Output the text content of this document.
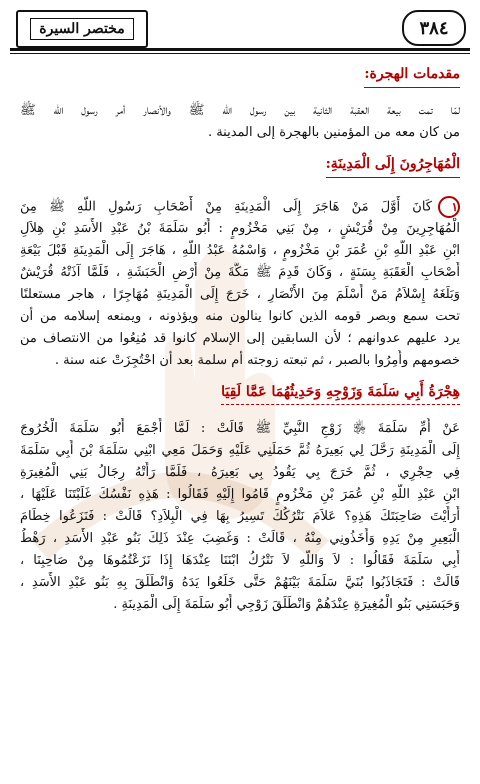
مختصر السيرة	٣٨٤
مقدمات الهجرة:
لمّا تمت بيعة العقبة الثانية بين رسول الله ﷺ والأنصار أمر رسول الله ﷺ
من كان معه من المؤمنين بالهجرة إلى المدينة .
الْمُهَاجِرُونَ إِلَى الْمَدِينَةِ:
١كَانَ أَوَّلَ مَنْ هَاجَرَ إِلَى الْمَدِينَةِ مِنْ أَصْحَابِ رَسُولِ اللَّهِ ﷺ مِنَ
الْمُهَاجِرِينَ مِنْ قُرَيْشٍ ، مِنْ بَنِي مَخْزُومٍ : أَبُو سَلَمَةَ بْنُ عَبْدِ الأَسَدِ بْنِ هِلاَلِ
ابْنِ عَبْدِ اللَّهِ بْنِ عُمَرَ بْنِ مَخْزُومٍ ، وَاسْمُهُ عَبْدُ اللَّهِ ، هَاجَرَ إِلَى الْمَدِينَةِ قَبْلَ بَيْعَةِ
أَصْحَابِ الْعَقَبَةِ بِسَنَةٍ ، وَكَانَ قَدِمَ ﷺ مَكَّةَ مِنْ أَرْضِ الْحَبَشَةِ ، فَلَمَّا آذَتْهُ قُرَيْشٌ
وَبَلَغَهُ إِسْلاَمُ مَنْ أَسْلَمَ مِنَ الأَنْصَارِ ، خَرَجَ إِلَى الْمَدِينَةِ مُهَاجِرًا ، هاجر مستعلنًا
تحت سمع وبصر قومه الذين كانوا ينالون منه ويؤذونه ، ويمنعه إسلامه من أن
يرد عليهم عدوانهم ؛ لأن السابقين إلى الإسلام كانوا قد مُنِعُوا من الانتصاف من
خصومهم وأُمِرُوا بالصبر ، ثم تبعته زوجته أم سلمة بعد أن احْتُجِزَتْ عنه سنة .
هِجْرَةُ أَبِي سَلَمَةَ وَزَوْجِهِ وَحَدِيثُهُمَا عَمَّا لَقِيَا
عَنْ أُمِّ سَلَمَةَ ﵂ زَوْجِ النَّبِيِّ ﷺ قَالَتْ : لَمَّا أَجْمَعَ أَبُو سَلَمَةَ الْخُرُوجَ
إِلَى الْمَدِينَةِ رَحَّلَ لِي بَعِيرَهُ ثُمَّ حَمَلَنِي عَلَيْهِ وَحَمَلَ مَعِي ابْنِي سَلَمَةَ بْنَ أَبِي سَلَمَةَ
فِي حِجْرِي ، ثُمَّ خَرَجَ بِي يَقُودُ بِي بَعِيرَهُ ، فَلَمَّا رَأَتْهُ رِجَالُ بَنِي الْمُغِيرَةِ
ابْنِ عَبْدِ اللَّهِ بْنِ عُمَرَ بْنِ مَخْزُومٍ قَامُوا إِلَيْهِ فَقَالُوا : هَذِهِ نَفْسُكَ غَلَبْتَنَا عَلَيْهَا ،
أَرَأَيْتَ صَاحِبَتَكَ هَذِهِ؟ عَلاَمَ نَتْرُكُكَ تَسِيرُ بِهَا فِي الْبِلاَدِ؟ قَالَتْ : فَنَزَعُوا خِطَامَ
الْبَعِيرِ مِنْ يَدِهِ وَأَخَذُونِي مِنْهُ ، قَالَتْ : وَغَضِبَ عِنْدَ ذَلِكَ بَنُو عَبْدِ الأَسَدِ ، رَهْطُ
أَبِي سَلَمَةَ فَقَالُوا : لاَ وَاللَّهِ لاَ نَتْرُكُ ابْنَنَا عِنْدَهَا إِذَا نَزَعْتُمُوهَا مِنْ صَاحِبِنَا ،
قَالَتْ : فَتَجَاذَبُوا بُنَيَّ سَلَمَةَ بَيْنَهُمْ حَتَّى خَلَعُوا يَدَهُ وَانْطَلَقَ بِهِ بَنُو عَبْدِ الأَسَدِ ،
وَحَبَسَنِي بَنُو الْمُغِيرَةِ عِنْدَهُمْ وَانْطَلَقَ زَوْجِي أَبُو سَلَمَةَ إِلَى الْمَدِينَةِ .
